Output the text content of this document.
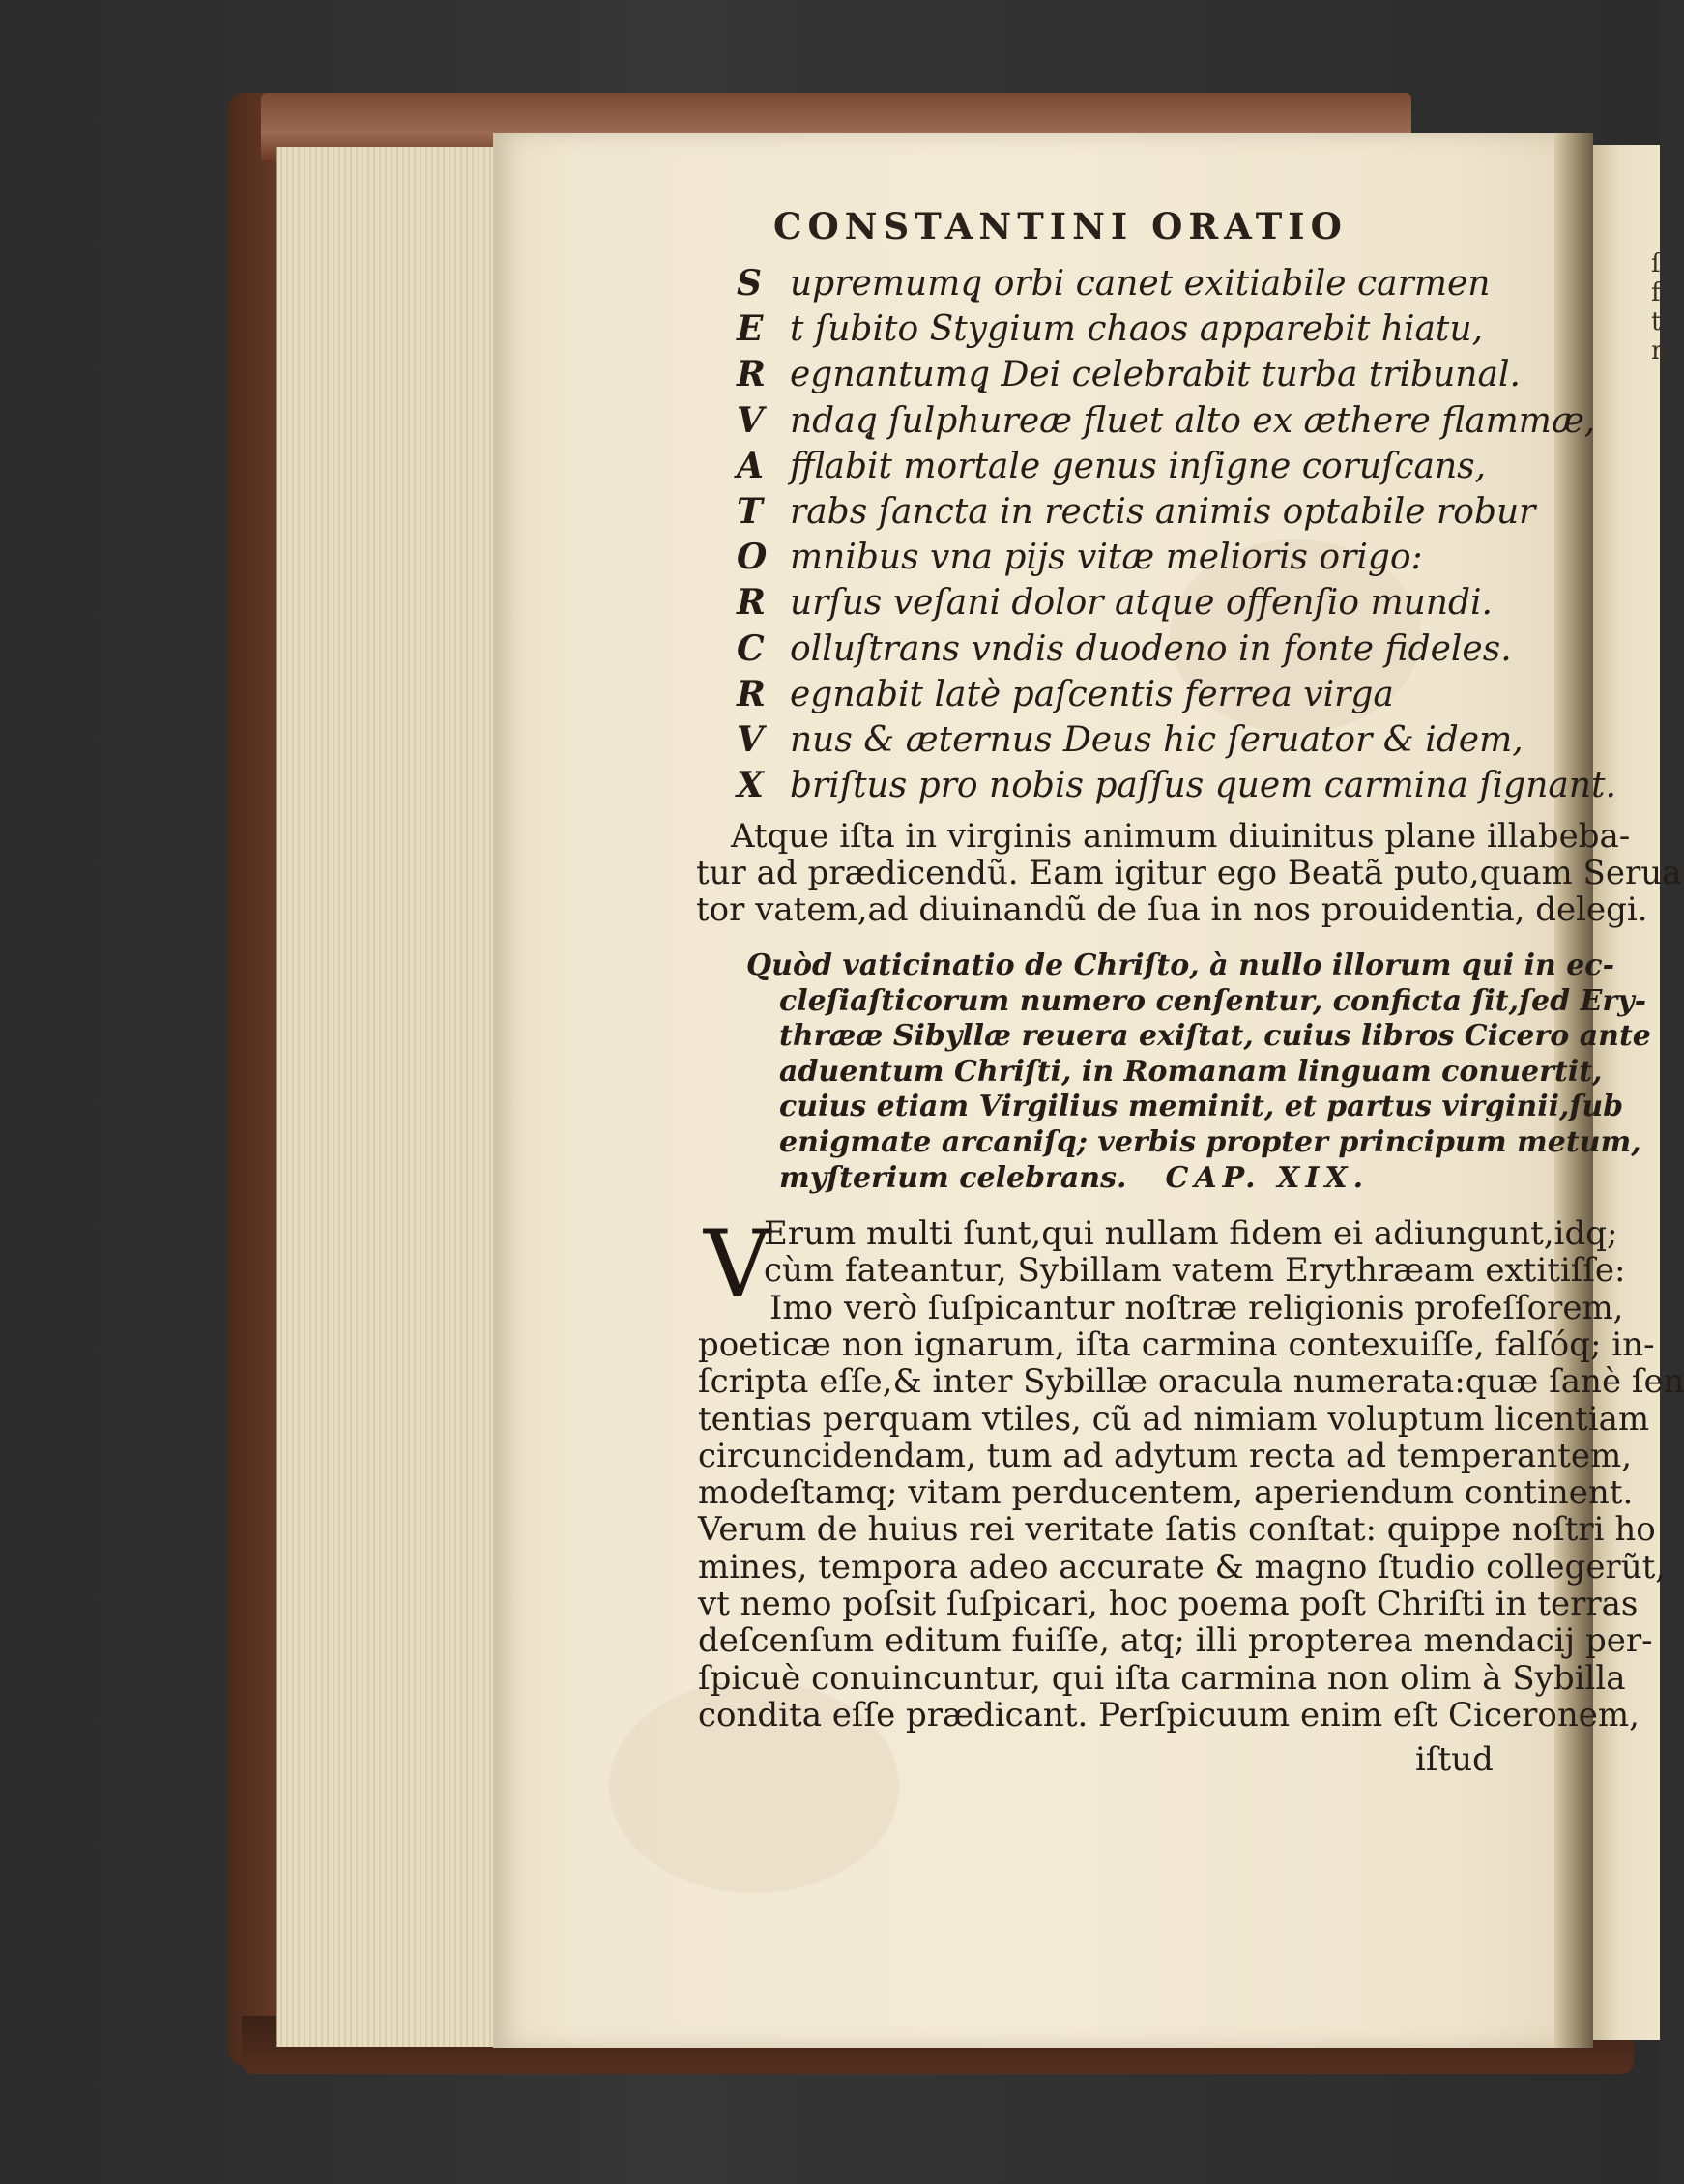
ſ
f
t
n
CONSTANTINI ORATIO
S upremumq̨ orbi canet exitiabile carmen
E t ſubito Stygium chaos apparebit hiatu,
R egnantumq̨ Dei celebrabit turba tribunal.
V ndaq̨ ſulphureæ fluet alto ex æthere flammæ,
A fflabit mortale genus inſigne coruſcans,
T rabs ſancta in rectis animis optabile robur
O mnibus vna pijs vitæ melioris origo:
R urſus veſani dolor atque offenſio mundi.
C olluſtrans vndis duodeno in fonte fideles.
R egnabit latè paſcentis ferrea virga
V nus & æternus Deus hic ſeruator & idem,
X briſtus pro nobis paſſus quem carmina ſignant.
Atque iſta in virginis animum diuinitus plane illabeba-
tur ad prædicendũ. Eam igitur ego Beatã puto,quam Serua
tor vatem,ad diuinandũ de ſua in nos prouidentia, delegi.
Quòd vaticinatio de Chriſto, à nullo illorum qui in ec-
cleſiaſticorum numero cenſentur, conficta ſit,ſed Ery-
thrææ Sibyllæ reuera exiſtat, cuius libros Cicero ante
aduentum Chriſti, in Romanam linguam conuertit,
cuius etiam Virgilius meminit, et partus virginii,ſub
enigmate arcaniſq; verbis propter principum metum,
myſterium celebrans. CAP. XIX.
V
Erum multi ſunt,qui nullam fidem ei adiungunt,idq;
cùm fateantur, Sybillam vatem Erythræam extitiſſe:
Imo verò ſuſpicantur noſtræ religionis profeſſorem,
poeticæ non ignarum, iſta carmina contexuiſſe, falſóq; in-
ſcripta eſſe,& inter Sybillæ oracula numerata:quæ ſanè ſen
tentias perquam vtiles, cũ ad nimiam voluptum licentiam
circuncidendam, tum ad adytum recta ad temperantem,
modeſtamq; vitam perducentem, aperiendum continent.
Verum de huius rei veritate ſatis conſtat: quippe noſtri ho
mines, tempora adeo accurate & magno ſtudio collegerũt,
vt nemo poſsit ſuſpicari, hoc poema poſt Chriſti in terras
deſcenſum editum fuiſſe, atq; illi propterea mendacij per-
ſpicuè conuincuntur, qui iſta carmina non olim à Sybilla
condita eſſe prædicant. Perſpicuum enim eſt Ciceronem,
iſtud
